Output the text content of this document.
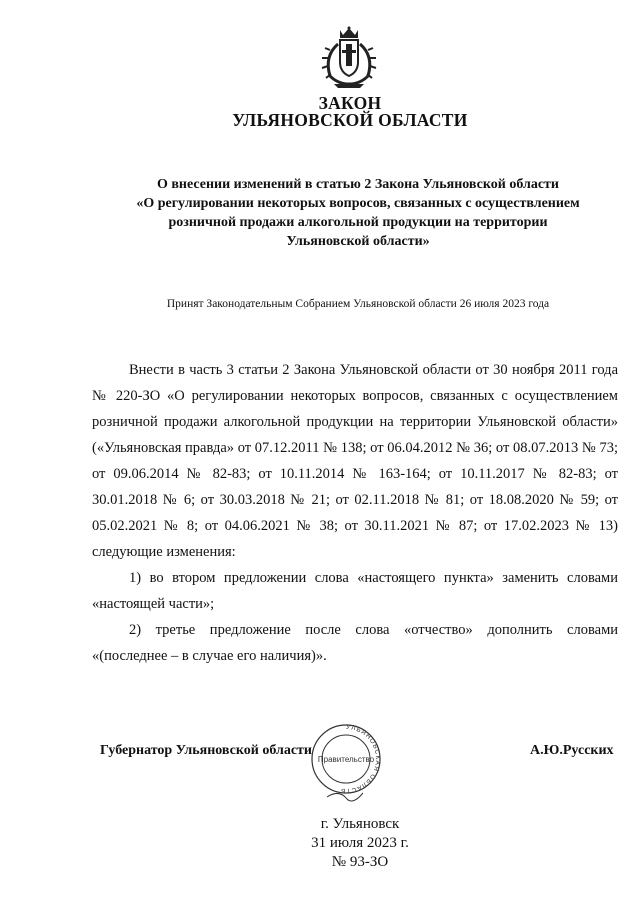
ЗАКОН
УЛЬЯНОВСКОЙ ОБЛАСТИ
О внесении изменений в статью 2 Закона Ульяновской области
«О регулировании некоторых вопросов, связанных с осуществлением
розничной продажи алкогольной продукции на территории
Ульяновской области»
Принят Законодательным Собранием Ульяновской области 26 июля 2023 года

Внести в часть 3 статьи 2 Закона Ульяновской области от 30 ноября 2011 года № 220-ЗО «О регулировании некоторых вопросов, связанных с осуществлением розничной продажи алкогольной продукции на территории Ульяновской области» («Ульяновская правда» от 07.12.2011 № 138; от 06.04.2012 № 36; от 08.07.2013 № 73; от 09.06.2014 № 82-83; от 10.11.2014 № 163-164; от 10.11.2017 № 82-83; от 30.01.2018 № 6; от 30.03.2018 № 21; от 02.11.2018 № 81; от 18.08.2020 № 59; от 05.02.2021 № 8; от 04.06.2021 № 38; от 30.11.2021 № 87; от 17.02.2023 № 13) следующие изменения:

1) во втором предложении слова «настоящего пункта» заменить словами «настоящей части»;

2) третье предложение после слова «отчество» дополнить словами «(последнее – в случае его наличия)».

УЛЬЯНОВСКАЯ ОБЛАСТЬ
Правительство
Губернатор Ульяновской области	А.Ю.Русских
г. Ульяновск
31 июля 2023 г.
№ 93-ЗО
